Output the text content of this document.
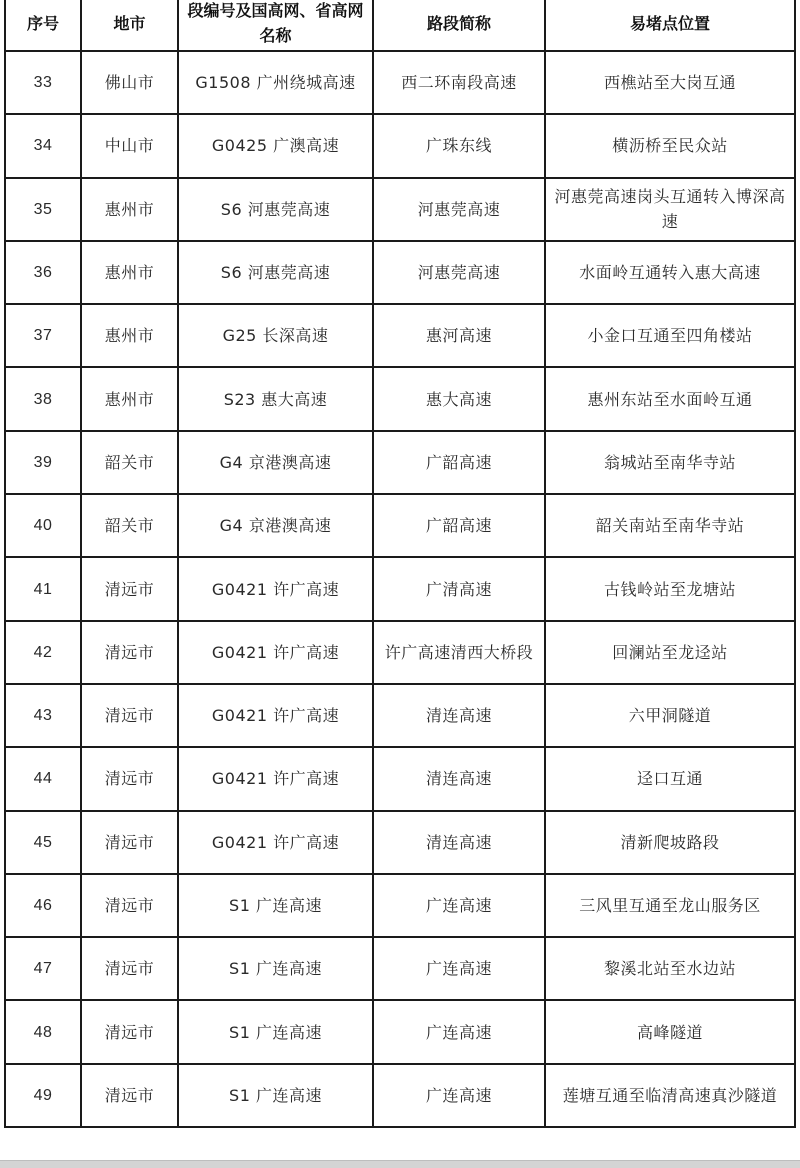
序号	地市	段编号及国高网、省高网名称	路段简称	易堵点位置
33	佛山市	G1508 广州绕城高速	西二环南段高速	西樵站至大岗互通
34	中山市	G0425 广澳高速	广珠东线	横沥桥至民众站
35	惠州市	S6 河惠莞高速	河惠莞高速	河惠莞高速岗头互通转入博深高速
36	惠州市	S6 河惠莞高速	河惠莞高速	水面岭互通转入惠大高速
37	惠州市	G25 长深高速	惠河高速	小金口互通至四角楼站
38	惠州市	S23 惠大高速	惠大高速	惠州东站至水面岭互通
39	韶关市	G4 京港澳高速	广韶高速	翁城站至南华寺站
40	韶关市	G4 京港澳高速	广韶高速	韶关南站至南华寺站
41	清远市	G0421 许广高速	广清高速	古钱岭站至龙塘站
42	清远市	G0421 许广高速	许广高速清西大桥段	回澜站至龙迳站
43	清远市	G0421 许广高速	清连高速	六甲洞隧道
44	清远市	G0421 许广高速	清连高速	迳口互通
45	清远市	G0421 许广高速	清连高速	清新爬坡路段
46	清远市	S1 广连高速	广连高速	三风里互通至龙山服务区
47	清远市	S1 广连高速	广连高速	黎溪北站至水边站
48	清远市	S1 广连高速	广连高速	高峰隧道
49	清远市	S1 广连高速	广连高速	莲塘互通至临清高速真沙隧道
